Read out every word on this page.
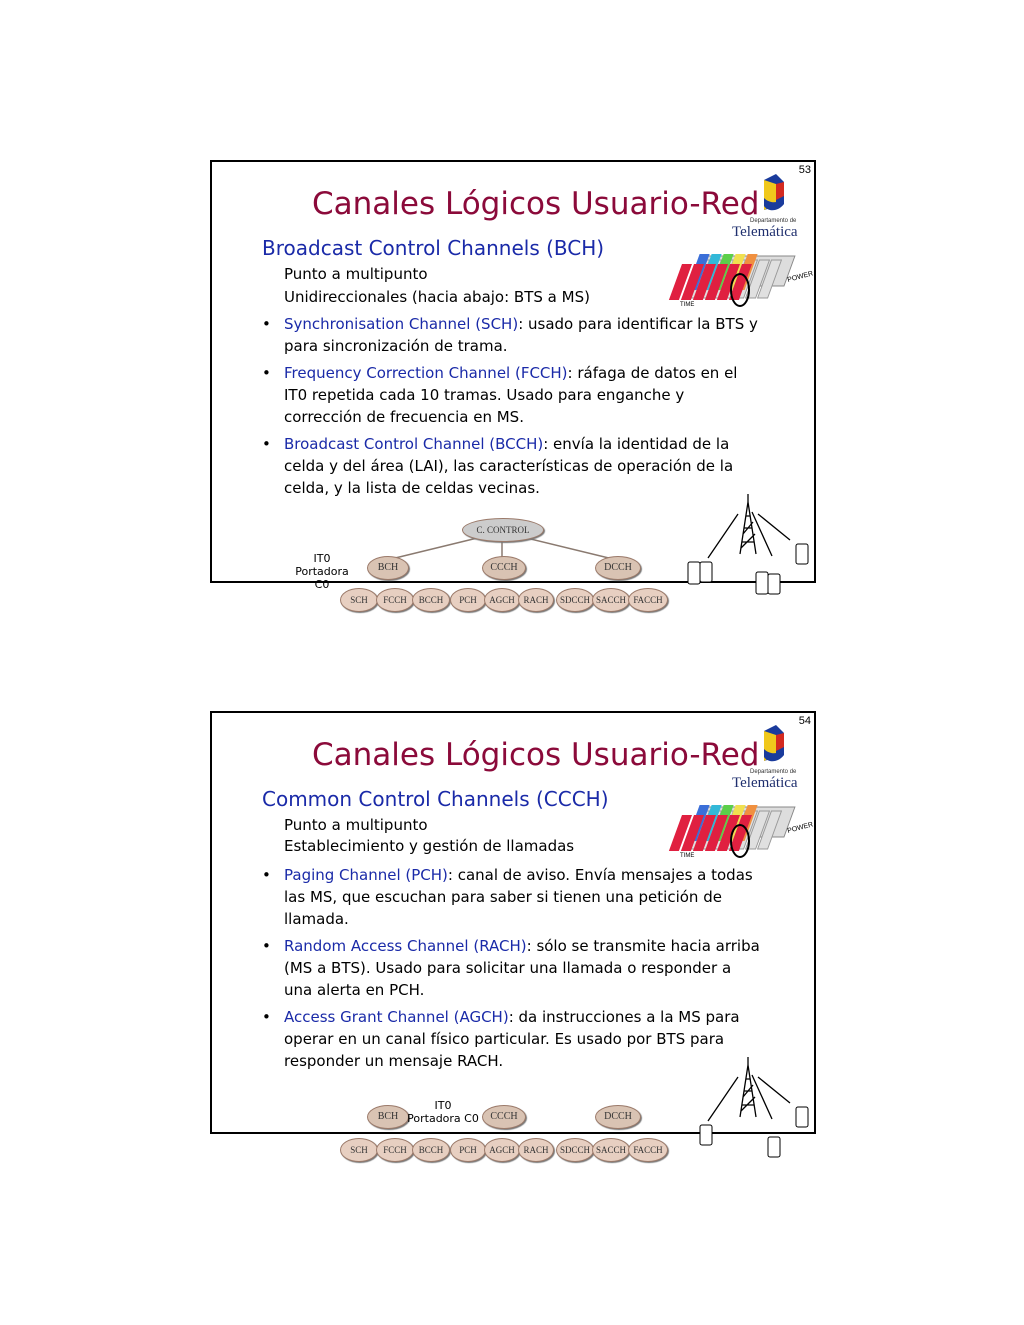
53
Canales Lógicos Usuario-Red
Departamento de
Telemática
Broadcast Control Channels (BCH)
Punto a multipunto
Unidireccionales (hacia abajo: BTS a MS)
POWER
TIME
• Synchronisation Channel (SCH): usado para identificar la BTS y para sincronización de trama.
• Frequency Correction Channel (FCCH): ráfaga de datos en el IT0 repetida cada 10 tramas. Usado para enganche y corrección de frecuencia en MS.
• Broadcast Control Channel (BCCH): envía la identidad de la celda y del área (LAI), las características de operación de la celda, y la lista de celdas vecinas.
C. CONTROL
BCH	CCCH	DCCH
IT0
Portadora C0
SCH	FCCH	BCCH	PCH	AGCH RACH	SDCCH SACCH FACCH
54
Canales Lógicos Usuario-Red
Departamento de
Telemática
Common Control Channels (CCCH)
Punto a multipunto
Establecimiento y gestión de llamadas
POWER
TIME
• Paging Channel (PCH): canal de aviso. Envía mensajes a todas las MS, que escuchan para saber si tienen una petición de llamada.
• Random Access Channel (RACH): sólo se transmite hacia arriba (MS a BTS). Usado para solicitar una llamada o responder a una alerta en PCH.
• Access Grant Channel (AGCH): da instrucciones a la MS para operar en un canal físico particular. Es usado por BTS para responder un mensaje RACH.
BCH	CCCH	DCCH
IT0
Portadora C0
SCH	FCCH	BCCH	PCH	AGCH RACH	SDCCH SACCH FACCH
